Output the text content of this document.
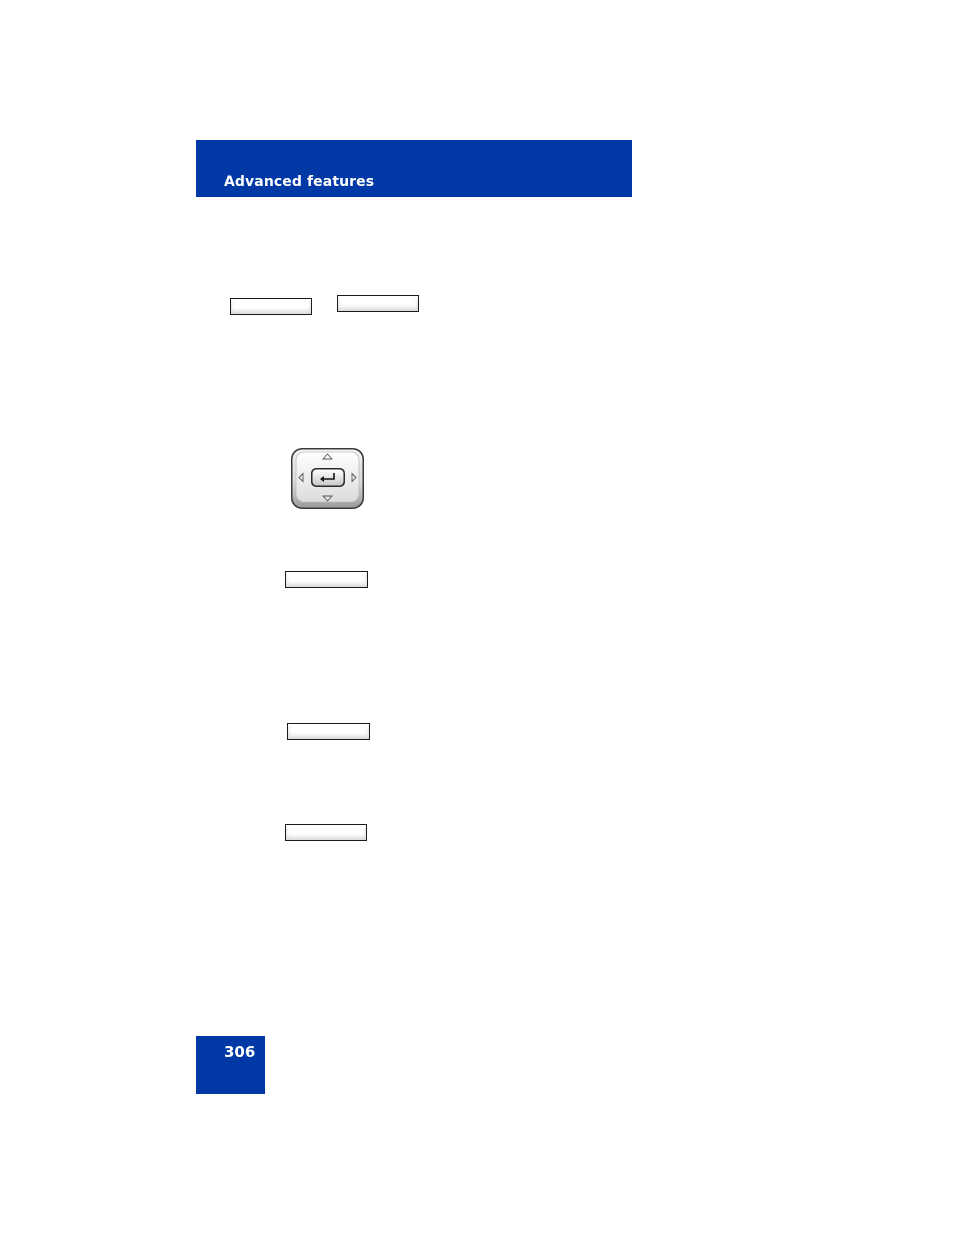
Advanced features
306
